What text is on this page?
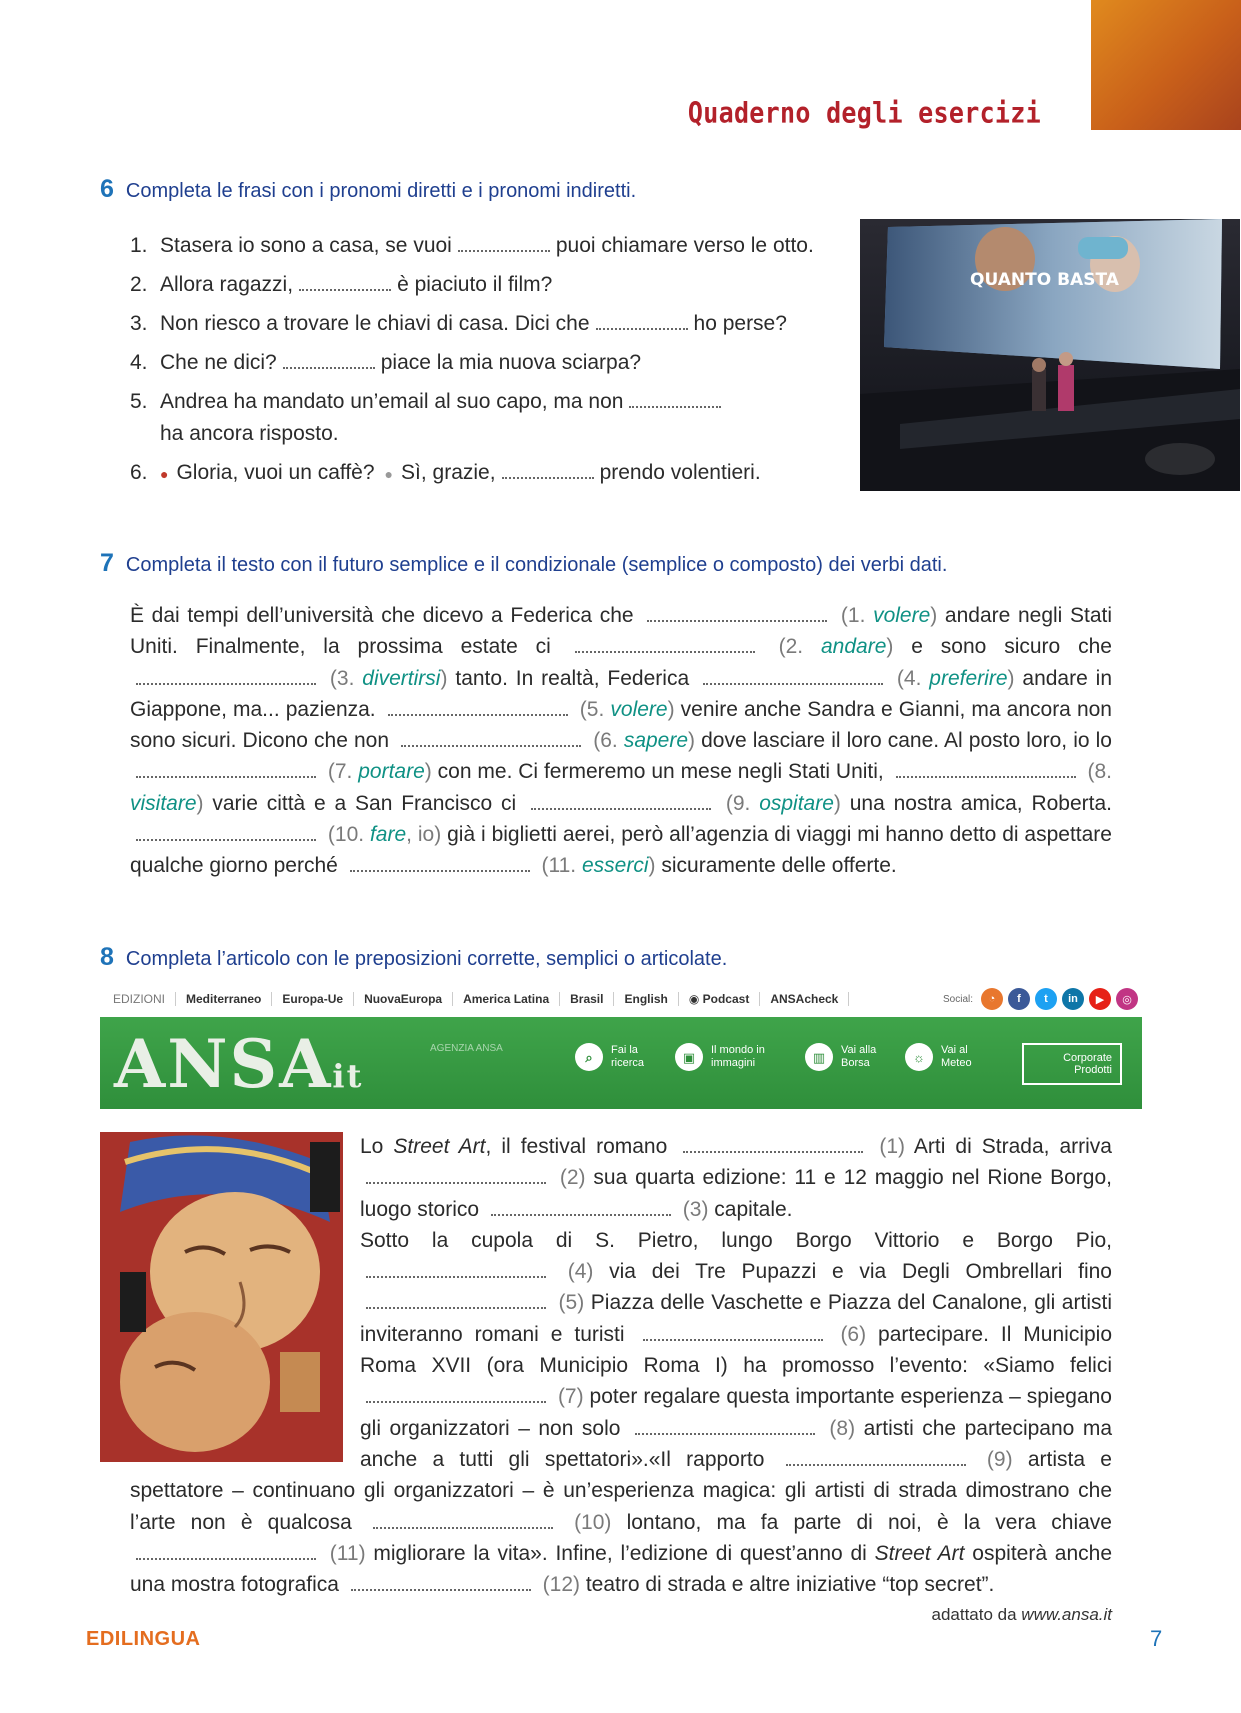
Quaderno degli esercizi
6 Completa le frasi con i pronomi diretti e i pronomi indiretti.
1. Stasera io sono a casa, se vuoi	puoi chiamare verso le otto.
2. Allora ragazzi,	è piaciuto il film?
3. Non riesco a trovare le chiavi di casa. Dici che	ho perse?
4. Che ne dici?	piace la mia nuova sciarpa?
5. Andrea ha mandato un’email al suo capo, ma non
ha ancora risposto.
6. ● Gloria, vuoi un caffè? ● Sì, grazie,	prendo volentieri.
QUANTO BASTA
7 Completa il testo con il futuro semplice e il condizionale (semplice o composto) dei verbi dati.
È dai tempi dell’università che dicevo a Federica che	(1. volere) andare negli Stati Uniti. Finalmente, la prossima estate ci	(2. andare) e sono sicuro che  (3. divertirsi) tanto. In realtà, Federica	(4. preferire) andare in Giappone, ma... pazienza.	(5. volere) venire anche Sandra e Gianni, ma ancora non sono sicuri. Dicono che non	(6. sapere) dove lasciare il loro cane. Al posto loro, io lo  (7. portare) con me. Ci fermeremo un mese negli Stati Uniti,	(8. visitare) varie città e a San Francisco ci	(9. ospitare) una nostra amica, Roberta.  (10. fare, io) già i biglietti aerei, però all’agenzia di viaggi mi hanno detto di aspettare qualche giorno perché	(11. esserci) sicuramente delle offerte.
8 Completa l’articolo con le preposizioni corrette, semplici o articolate.
EDIZIONI	Mediterraneo	Europa-Ue	NuovaEuropa	America Latina	Brasil	English	◉ Podcast	ANSAcheck	Social:	◔	f	t	in	▶	◎
ANSAit
AGENZIA ANSA
⌕	Fai la ricerca	▣	Il mondo in immagini	▥	Vai alla Borsa	☼	Vai al Meteo	Corporate Prodotti
Lo Street Art, il festival romano	(1) Arti di Strada, arriva  (2) sua quarta edizione: 11 e 12 maggio nel Rione Borgo, luogo storico	(3) capitale.
Sotto la cupola di S. Pietro, lungo Borgo Vittorio e Borgo Pio,  (4) via dei Tre Pupazzi e via Degli Ombrellari fino  (5) Piazza delle Vaschette e Piazza del Canalone, gli artisti inviteranno romani e turisti	(6) partecipare. Il Municipio Roma XVII (ora Municipio Roma I) ha promosso l’evento: «Siamo felici  (7) poter regalare questa importante esperienza – spiegano gli organizzatori – non solo	(8) artisti che partecipano ma anche a tutti gli spettatori».«Il rapporto	(9) artista e spettatore – continuano gli organizzatori – è un’esperienza magica: gli artisti di strada dimostrano che l’arte non è qualcosa	(10) lontano, ma fa parte di noi, è la vera chiave  (11) migliorare la vita». Infine, l’edizione di quest’anno di Street Art ospiterà anche una mostra fotografica	(12) teatro di strada e altre iniziative “top secret”.
adattato da www.ansa.it
EDILINGUA	7
